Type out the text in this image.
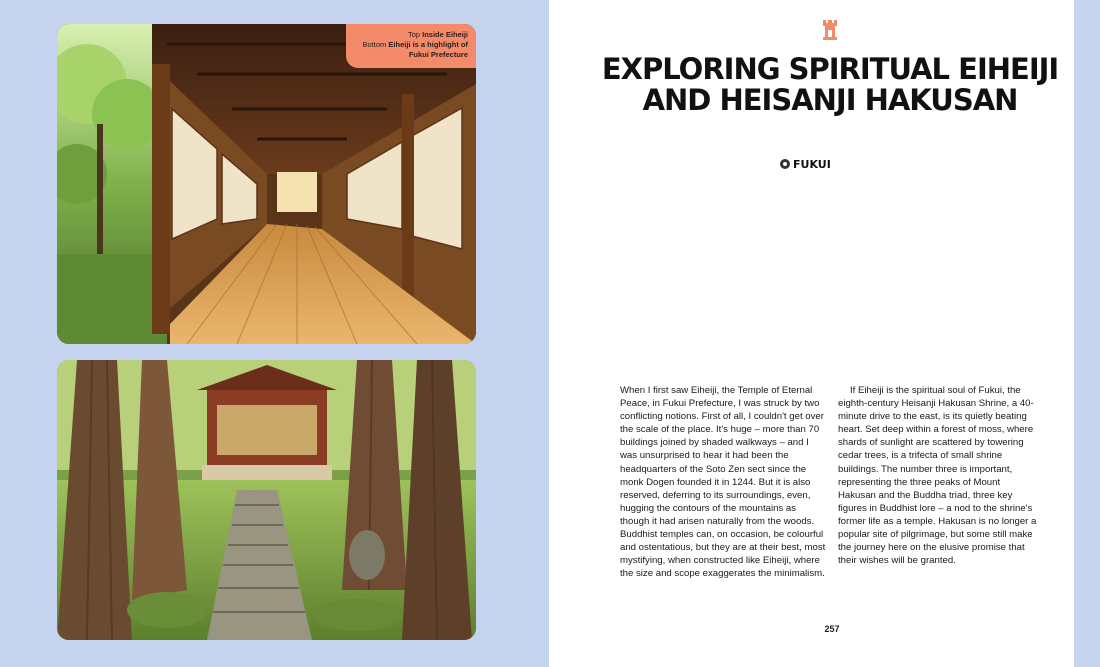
Top Inside Eiheiji
Bottom Eiheiji is a highlight of Fukui Prefecture	EXPLORING SPIRITUAL EIHEIJI AND HEISANJI HAKUSAN
FUKUI

When I first saw Eiheiji, the Temple of Eternal Peace, in Fukui Prefecture, I was struck by two conflicting notions. First of all, I couldn't get over the scale of the place. It's huge – more than 70 buildings joined by shaded walkways – and I was unsurprised to hear it had been the headquarters of the Soto Zen sect since the monk Dogen founded it in 1244. But it is also reserved, deferring to its surroundings, even, hugging the contours of the mountains as though it had arisen naturally from the woods. Buddhist temples can, on occasion, be colourful and ostentatious, but they are at their best, most mystifying, when constructed like Eiheiji, where the size and scope exaggerates the minimalism.

If Eiheiji is the spiritual soul of Fukui, the eighth-century Heisanji Hakusan Shrine, a 40-minute drive to the east, is its quietly beating heart. Set deep within a forest of moss, where shards of sunlight are scattered by towering cedar trees, is a trifecta of small shrine buildings. The number three is important, representing the three peaks of Mount Hakusan and the Buddha triad, three key figures in Buddhist lore – a nod to the shrine's former life as a temple. Hakusan is no longer a popular site of pilgrimage, but some still make the journey here on the elusive promise that their wishes will be granted.

257
